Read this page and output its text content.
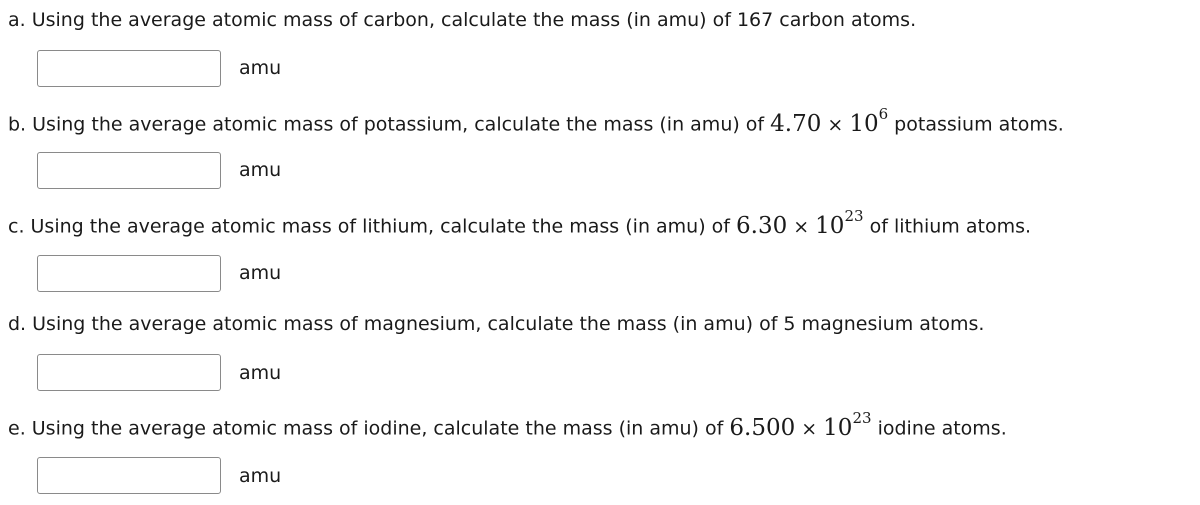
a. Using the average atomic mass of carbon, calculate the mass (in amu) of 167 carbon atoms.
amu
b. Using the average atomic mass of potassium, calculate the mass (in amu) of $4.70 \times 10^6$ potassium atoms.
amu
c. Using the average atomic mass of lithium, calculate the mass (in amu) of $6.30 \times 10^{23}$ of lithium atoms.
amu
d. Using the average atomic mass of magnesium, calculate the mass (in amu) of 5 magnesium atoms.
amu
e. Using the average atomic mass of iodine, calculate the mass (in amu) of $6.500 \times 10^{23}$ iodine atoms.
amu
